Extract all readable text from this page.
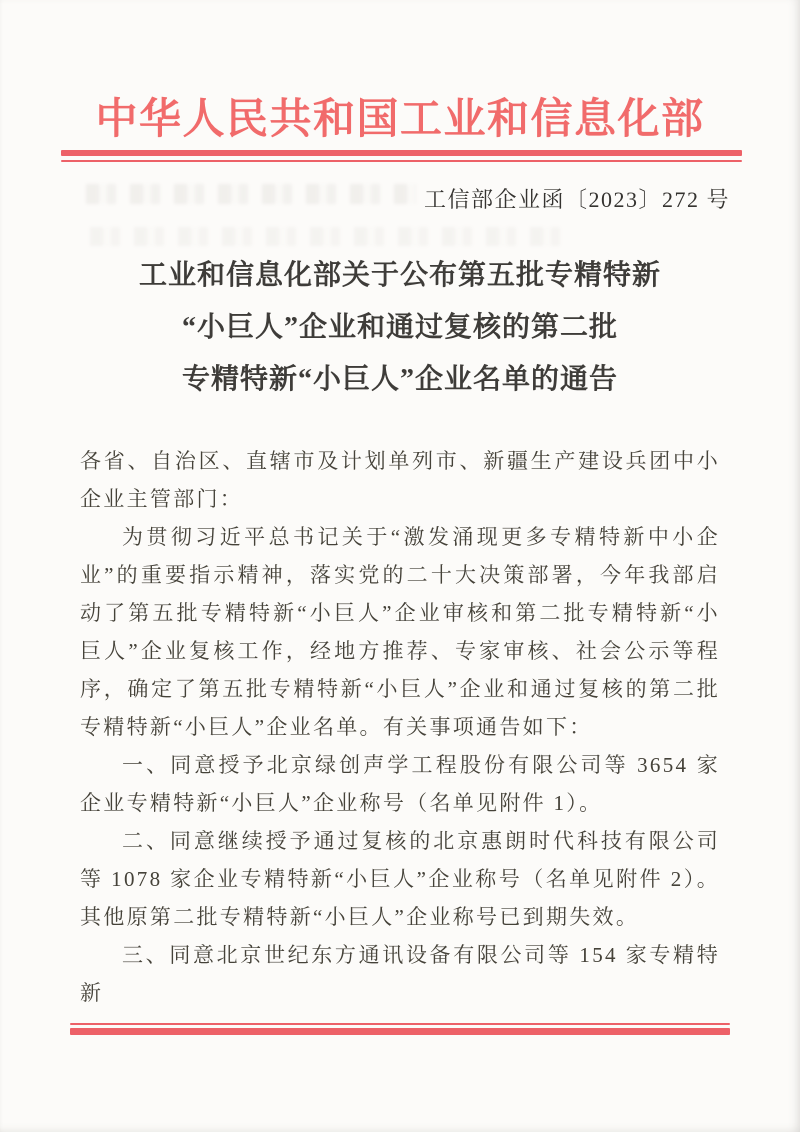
中华人民共和国工业和信息化部
工信部企业函〔2023〕272 号
工业和信息化部关于公布第五批专精特新
“小巨人”企业和通过复核的第二批
专精特新“小巨人”企业名单的通告

各省、自治区、直辖市及计划单列市、新疆生产建设兵团中小企业主管部门：

为贯彻习近平总书记关于“激发涌现更多专精特新中小企业”的重要指示精神，落实党的二十大决策部署，今年我部启动了第五批专精特新“小巨人”企业审核和第二批专精特新“小巨人”企业复核工作，经地方推荐、专家审核、社会公示等程序，确定了第五批专精特新“小巨人”企业和通过复核的第二批专精特新“小巨人”企业名单。有关事项通告如下：

一、同意授予北京绿创声学工程股份有限公司等 3654 家企业专精特新“小巨人”企业称号（名单见附件 1）。

二、同意继续授予通过复核的北京惠朗时代科技有限公司等 1078 家企业专精特新“小巨人”企业称号（名单见附件 2）。其他原第二批专精特新“小巨人”企业称号已到期失效。

三、同意北京世纪东方通讯设备有限公司等 154 家专精特新
